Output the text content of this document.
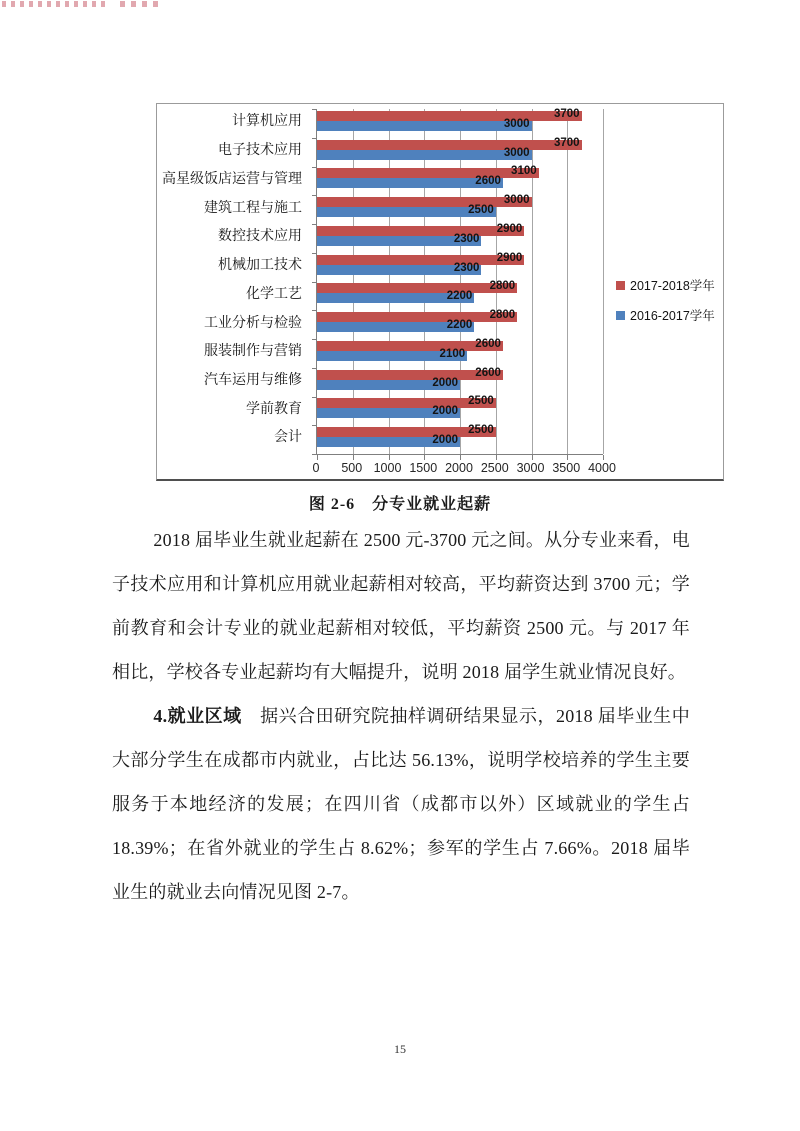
计算机应用
电子技术应用
高星级饭店运营与管理
建筑工程与施工
数控技术应用
机械加工技术
化学工艺
工业分析与检验
服装制作与营销
汽车运用与维修
学前教育
会计
3700
3000
3700
3000
3100
2600
3000
2500
2900
2300
2900
2300
2800
2200
2800
2200
2600
2100
2600
2000
2500
2000
2500
2000
0 500 1000 1500 2000 2500 3000 3500 4000
2017-2018学年
2016-2017学年
图 2-6　分专业就业起薪

2018 届毕业生就业起薪在 2500 元-3700 元之间。从分专业来看，电子技术应用和计算机应用就业起薪相对较高，平均薪资达到 3700 元；学前教育和会计专业的就业起薪相对较低，平均薪资 2500 元。与 2017 年相比，学校各专业起薪均有大幅提升，说明 2018 届学生就业情况良好。

4.就业区域　据兴合田研究院抽样调研结果显示，2018 届毕业生中大部分学生在成都市内就业，占比达 56.13%，说明学校培养的学生主要服务于本地经济的发展；在四川省（成都市以外）区域就业的学生占 18.39%；在省外就业的学生占 8.62%；参军的学生占 7.66%。2018 届毕业生的就业去向情况见图 2-7。

15
